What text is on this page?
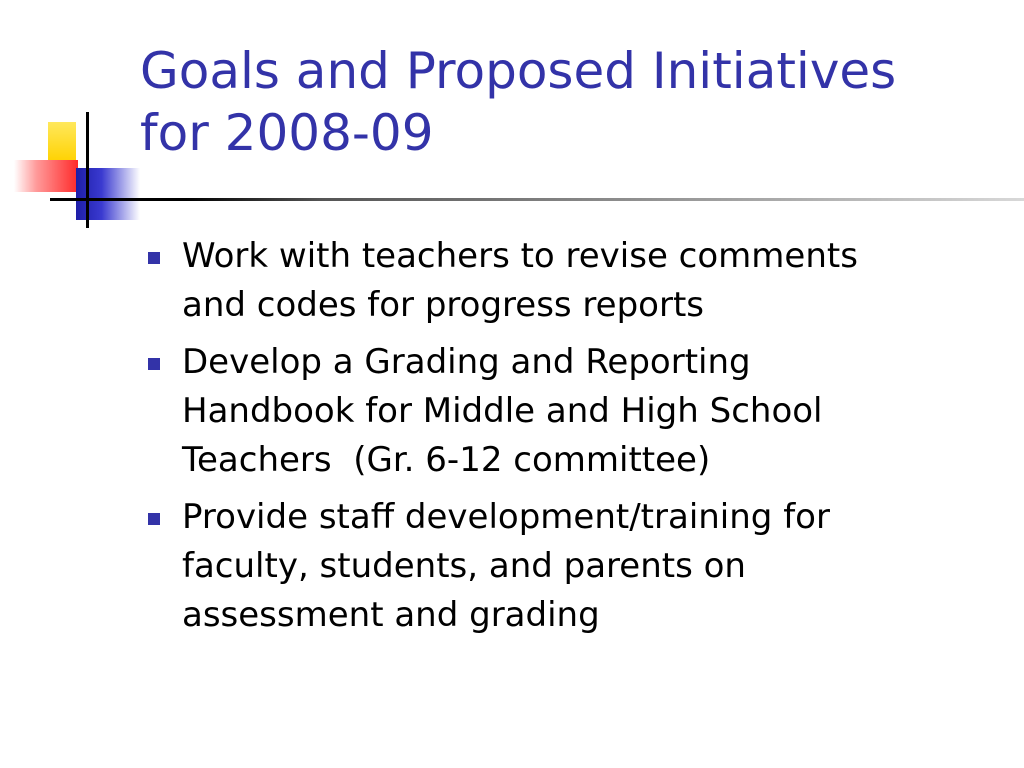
Goals and Proposed Initiatives
for 2008-09
Work with teachers to revise comments
and codes for progress reports
Develop a Grading and Reporting
Handbook for Middle and High School
Teachers  (Gr. 6-12 committee)
Provide staff development/training for
faculty, students, and parents on
assessment and grading
